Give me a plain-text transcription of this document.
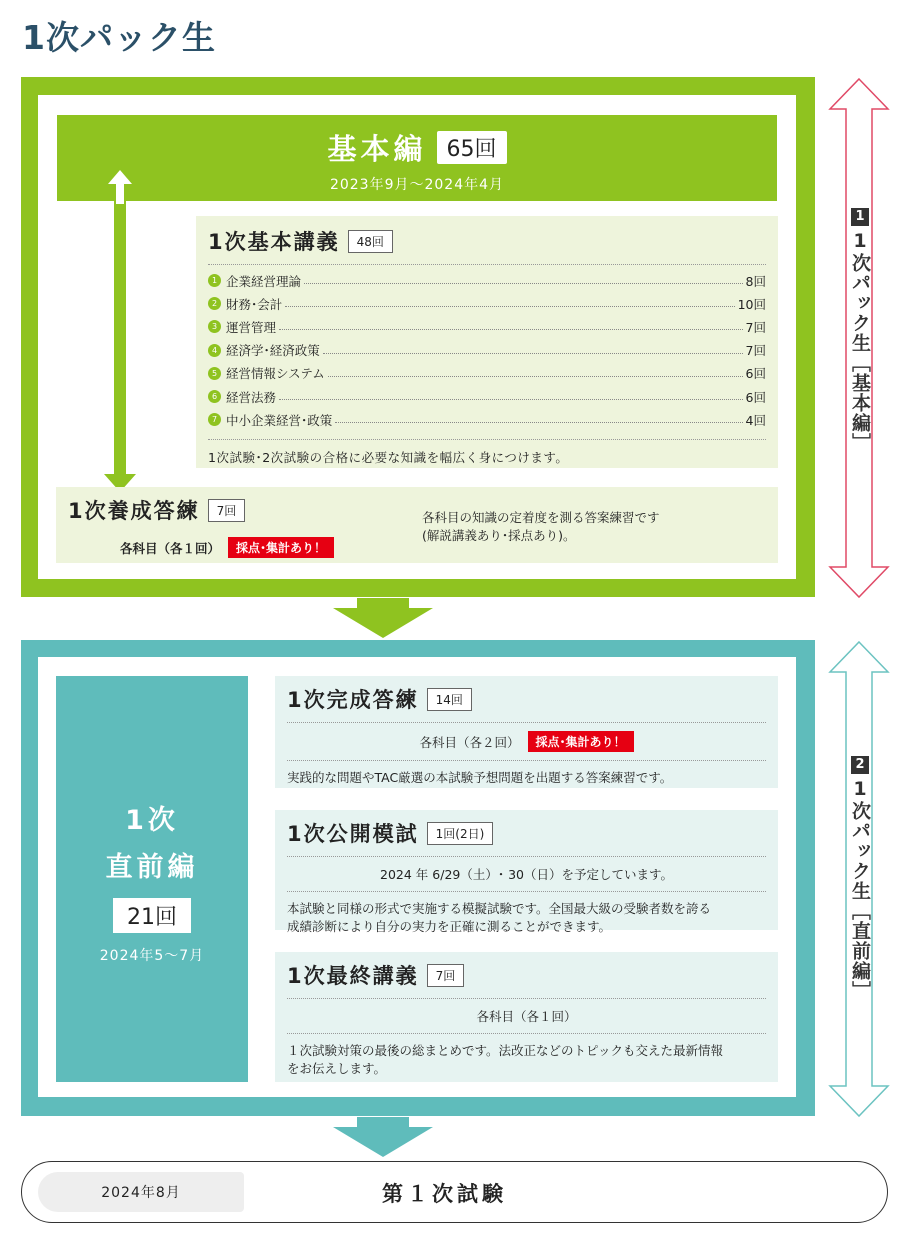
1次パック生
基本編 65回
2023年9月～2024年4月
1次基本講義	48回
1 企業経営理論	8回
2 財務･会計	10回
3 運営管理	7回
4 経済学･経済政策	7回
5 経営情報システム	6回
6 経営法務	6回
7 中小企業経営･政策	4回
1次試験･2次試験の合格に必要な知識を幅広く身につけます。
1次養成答練	7回
各科目（各１回）	採点･集計あり！
各科目の知識の定着度を測る答案練習です
(解説講義あり･採点あり)。
1次
直前編
21回
2024年5～7月
1次完成答練	14回
各科目（各２回）	採点･集計あり！
実践的な問題やTAC厳選の本試験予想問題を出題する答案練習です。
1次公開模試	1回(2日)
2024 年 6/29（土）･ 30（日）を予定しています。
本試験と同様の形式で実施する模擬試験です。全国最大級の受験者数を誇る
成績診断により自分の実力を正確に測ることができます。
1次最終講義	7回
各科目（各１回）
１次試験対策の最後の総まとめです。法改正などのトピックも交えた最新情報
をお伝えします。
1
1次パック生
［基本編］
2
1次パック生
［直前編］
2024年8月	第１次試験
